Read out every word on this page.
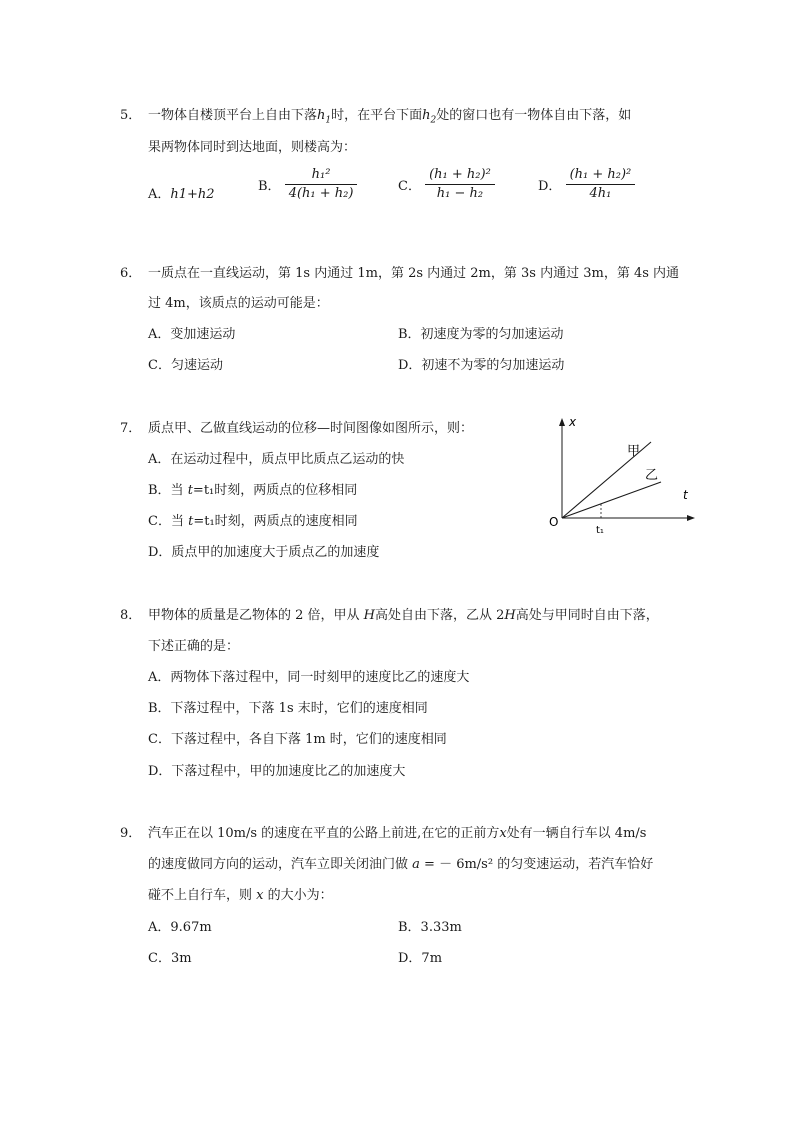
5． 一物体自楼顶平台上自由下落$h_1$时，在平台下面$h_2$处的窗口也有一物体自由下落，如
果两物体同时到达地面，则楼高为：
A．h1+h2
B． $\frac{\text{h₁²}}{\text{4(h₁ + h₂)}}$	C． $\frac{\text{(h₁ + h₂)²}}{\text{h₁ − h₂}}$	D． $\frac{\text{(h₁ + h₂)²}}{\text{4h₁}}$
6． 一质点在一直线运动，第 1s 内通过 1m，第 2s 内通过 2m，第 3s 内通过 3m，第 4s 内通
过 4m，该质点的运动可能是：
A．变加速运动	B．初速度为零的匀加速运动
C．匀速运动	D．初速不为零的匀加速运动
7． 质点甲、乙做直线运动的位移—时间图像如图所示，则：
A．在运动过程中，质点甲比质点乙运动的快
B．当 t=t₁时刻，两质点的位移相同
C．当 t=t₁时刻，两质点的速度相同
D．质点甲的加速度大于质点乙的加速度
x
t
O
甲
乙
t₁
8． 甲物体的质量是乙物体的 2 倍，甲从 H高处自由下落，乙从 2H高处与甲同时自由下落，
下述正确的是：
A．两物体下落过程中，同一时刻甲的速度比乙的速度大
B．下落过程中，下落 1s 末时，它们的速度相同
C．下落过程中，各自下落 1m 时，它们的速度相同
D．下落过程中，甲的加速度比乙的加速度大
9． 汽车正在以 10m/s 的速度在平直的公路上前进,在它的正前方x处有一辆自行车以 4m/s
的速度做同方向的运动，汽车立即关闭油门做 a = － 6m/s² 的匀变速运动，若汽车恰好
碰不上自行车，则 x 的大小为：
A．9.67m	B．3.33m
C．3m	D．7m
